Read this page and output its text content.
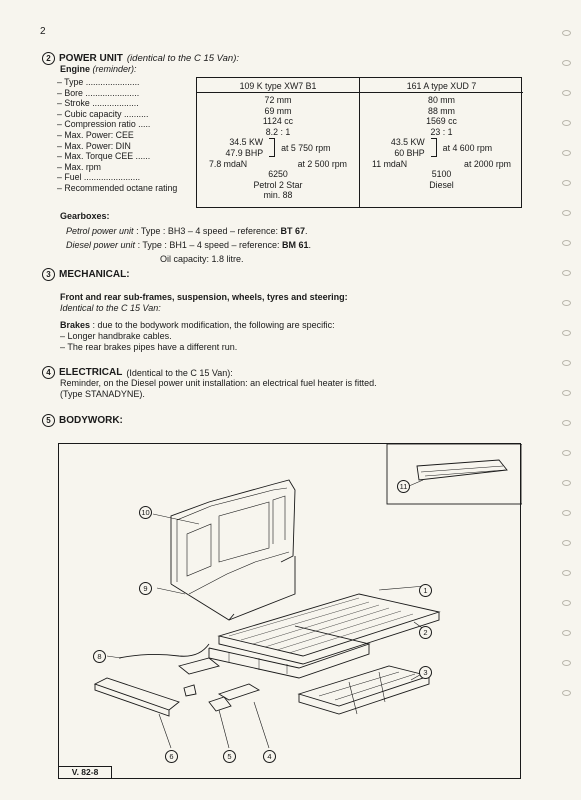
2
2 POWER UNIT (identical to the C 15 Van):
Engine (reminder):
– Type ......................
– Bore ......................
– Stroke ...................
– Cubic capacity ..........
– Compression ratio .....
– Max. Power: CEE
– Max. Power: DIN
– Max. Torque CEE ......
– Max. rpm
– Fuel .......................
– Recommended octane rating
109 K type XW7 B1
72 mm
69 mm
1124 cc
8.2 : 1
34.5 KW
47.9 BHP
at 5 750 rpm
7.8 mdaN	at 2 500 rpm
6250
Petrol 2 Star
min. 88
161 A type XUD 7
80 mm
88 mm
1569 cc
23 : 1
43.5 KW
60 BHP
at 4 600 rpm
11 mdaN	at 2000 rpm
5100
Diesel
Gearboxes:
Petrol power unit : Type : BH3 – 4 speed – reference: BT 67.
Diesel power unit : Type : BH1 – 4 speed – reference: BM 61.
Oil capacity: 1.8 litre.
3 MECHANICAL:
Front and rear sub-frames, suspension, wheels, tyres and steering:
Identical to the C 15 Van:
Brakes : due to the bodywork modification, the following are specific:
– Longer handbrake cables.
– The rear brakes pipes have a different run.
4 ELECTRICAL (Identical to the C 15 Van):
Reminder, on the Diesel power unit installation: an electrical fuel heater is fitted.
(Type STANADYNE).
5 BODYWORK:
1
2
3
4
5
6
8
9
10
11
V. 82-8
